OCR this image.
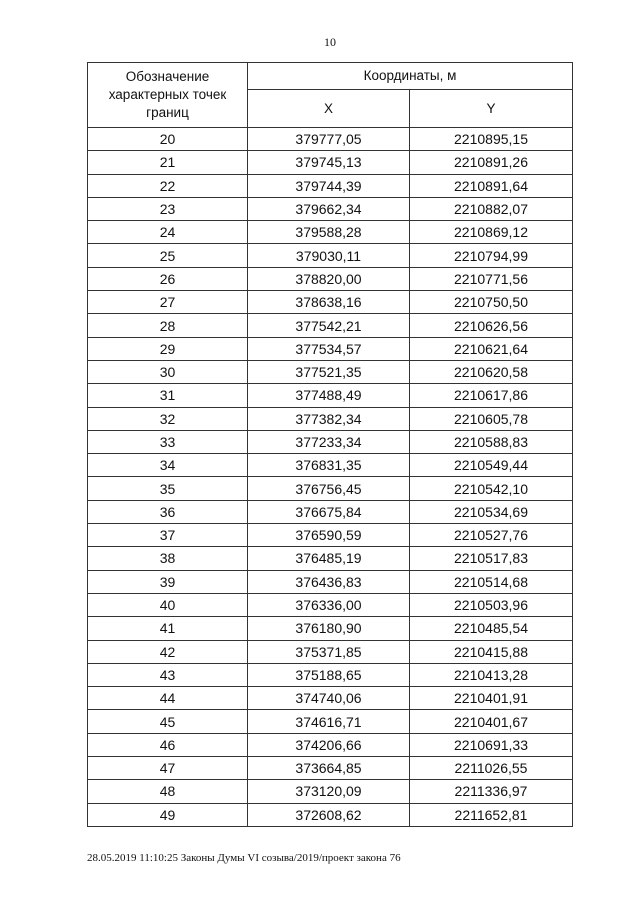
10
Обозначение характерных точек границ	Координаты, м	
	X	Y
20	379777,05	2210895,15
21	379745,13	2210891,26
22	379744,39	2210891,64
23	379662,34	2210882,07
24	379588,28	2210869,12
25	379030,11	2210794,99
26	378820,00	2210771,56
27	378638,16	2210750,50
28	377542,21	2210626,56
29	377534,57	2210621,64
30	377521,35	2210620,58
31	377488,49	2210617,86
32	377382,34	2210605,78
33	377233,34	2210588,83
34	376831,35	2210549,44
35	376756,45	2210542,10
36	376675,84	2210534,69
37	376590,59	2210527,76
38	376485,19	2210517,83
39	376436,83	2210514,68
40	376336,00	2210503,96
41	376180,90	2210485,54
42	375371,85	2210415,88
43	375188,65	2210413,28
44	374740,06	2210401,91
45	374616,71	2210401,67
46	374206,66	2210691,33
47	373664,85	2211026,55
48	373120,09	2211336,97
49	372608,62	2211652,81
28.05.2019 11:10:25 Законы Думы VI созыва/2019/проект закона 76
